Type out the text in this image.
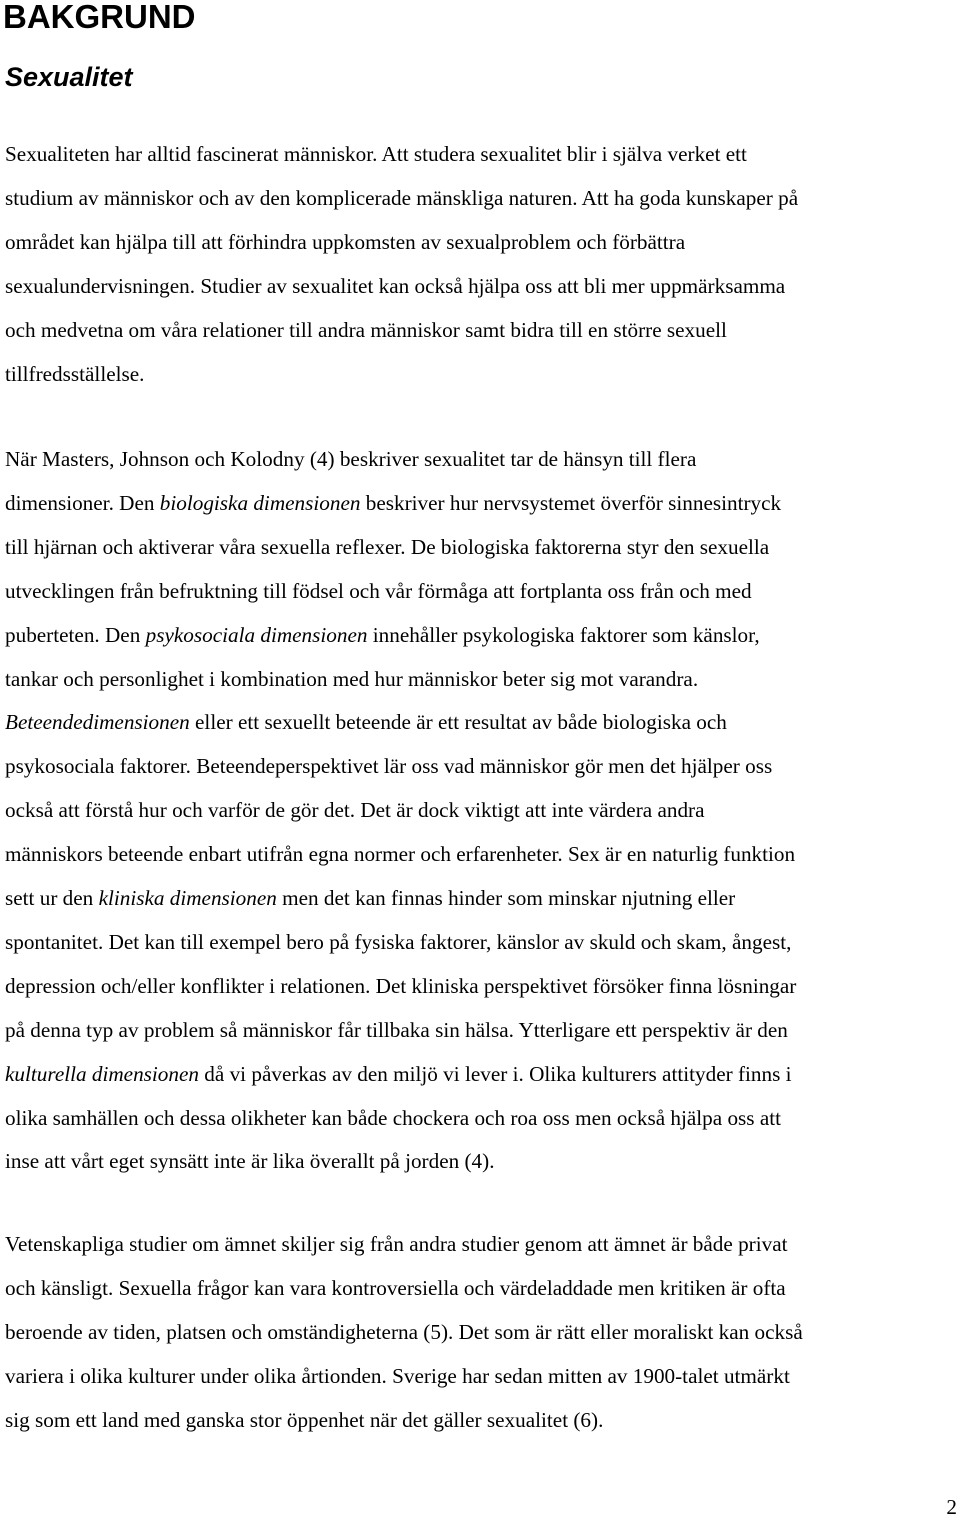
BAKGRUND
Sexualitet
Sexualiteten har alltid fascinerat människor. Att studera sexualitet blir i själva verket ett
studium av människor och av den komplicerade mänskliga naturen. Att ha goda kunskaper på
området kan hjälpa till att förhindra uppkomsten av sexualproblem och förbättra
sexualundervisningen. Studier av sexualitet kan också hjälpa oss att bli mer uppmärksamma
och medvetna om våra relationer till andra människor samt bidra till en större sexuell
tillfredsställelse.
När Masters, Johnson och Kolodny (4) beskriver sexualitet tar de hänsyn till flera
dimensioner. Den biologiska dimensionen beskriver hur nervsystemet överför sinnesintryck
till hjärnan och aktiverar våra sexuella reflexer. De biologiska faktorerna styr den sexuella
utvecklingen från befruktning till födsel och vår förmåga att fortplanta oss från och med
puberteten. Den psykosociala dimensionen innehåller psykologiska faktorer som känslor,
tankar och personlighet i kombination med hur människor beter sig mot varandra.
Beteendedimensionen eller ett sexuellt beteende är ett resultat av både biologiska och
psykosociala faktorer. Beteendeperspektivet lär oss vad människor gör men det hjälper oss
också att förstå hur och varför de gör det. Det är dock viktigt att inte värdera andra
människors beteende enbart utifrån egna normer och erfarenheter. Sex är en naturlig funktion
sett ur den kliniska dimensionen men det kan finnas hinder som minskar njutning eller
spontanitet. Det kan till exempel bero på fysiska faktorer, känslor av skuld och skam, ångest,
depression och/eller konflikter i relationen. Det kliniska perspektivet försöker finna lösningar
på denna typ av problem så människor får tillbaka sin hälsa. Ytterligare ett perspektiv är den
kulturella dimensionen då vi påverkas av den miljö vi lever i. Olika kulturers attityder finns i
olika samhällen och dessa olikheter kan både chockera och roa oss men också hjälpa oss att
inse att vårt eget synsätt inte är lika överallt på jorden (4).
Vetenskapliga studier om ämnet skiljer sig från andra studier genom att ämnet är både privat
och känsligt. Sexuella frågor kan vara kontroversiella och värdeladdade men kritiken är ofta
beroende av tiden, platsen och omständigheterna (5). Det som är rätt eller moraliskt kan också
variera i olika kulturer under olika årtionden. Sverige har sedan mitten av 1900-talet utmärkt
sig som ett land med ganska stor öppenhet när det gäller sexualitet (6).
2
